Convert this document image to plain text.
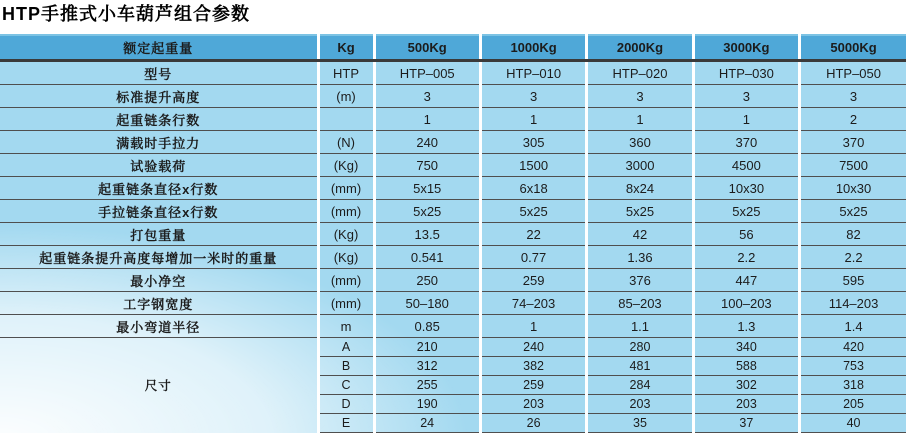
HTP手推式小车葫芦组合参数
额定起重量	Kg	500Kg	1000Kg	2000Kg	3000Kg	5000Kg
型号	HTP	HTP–005	HTP–010	HTP–020	HTP–030	HTP–050
标准提升高度	(m)	3	3	3	3	3
起重链条行数		1	1	1	1	2
满载时手拉力	(N)	240	305	360	370	370
试验载荷	(Kg)	750	1500	3000	4500	7500
起重链条直径x行数	(mm)	5x15	6x18	8x24	10x30	10x30
手拉链条直径x行数	(mm)	5x25	5x25	5x25	5x25	5x25
打包重量	(Kg)	13.5	22	42	56	82
起重链条提升高度每增加一米时的重量	(Kg)	0.541	0.77	1.36	2.2	2.2
最小净空	(mm)	250	259	376	447	595
工字钢宽度	(mm)	50–180	74–203	85–203	100–203	114–203
最小弯道半径	m	0.85	1	1.1	1.3	1.4
尺寸	A	210	240	280	340	420
	B	312	382	481	588	753
	C	255	259	284	302	318
	D	190	203	203	203	205
	E	24	26	35	37	40
